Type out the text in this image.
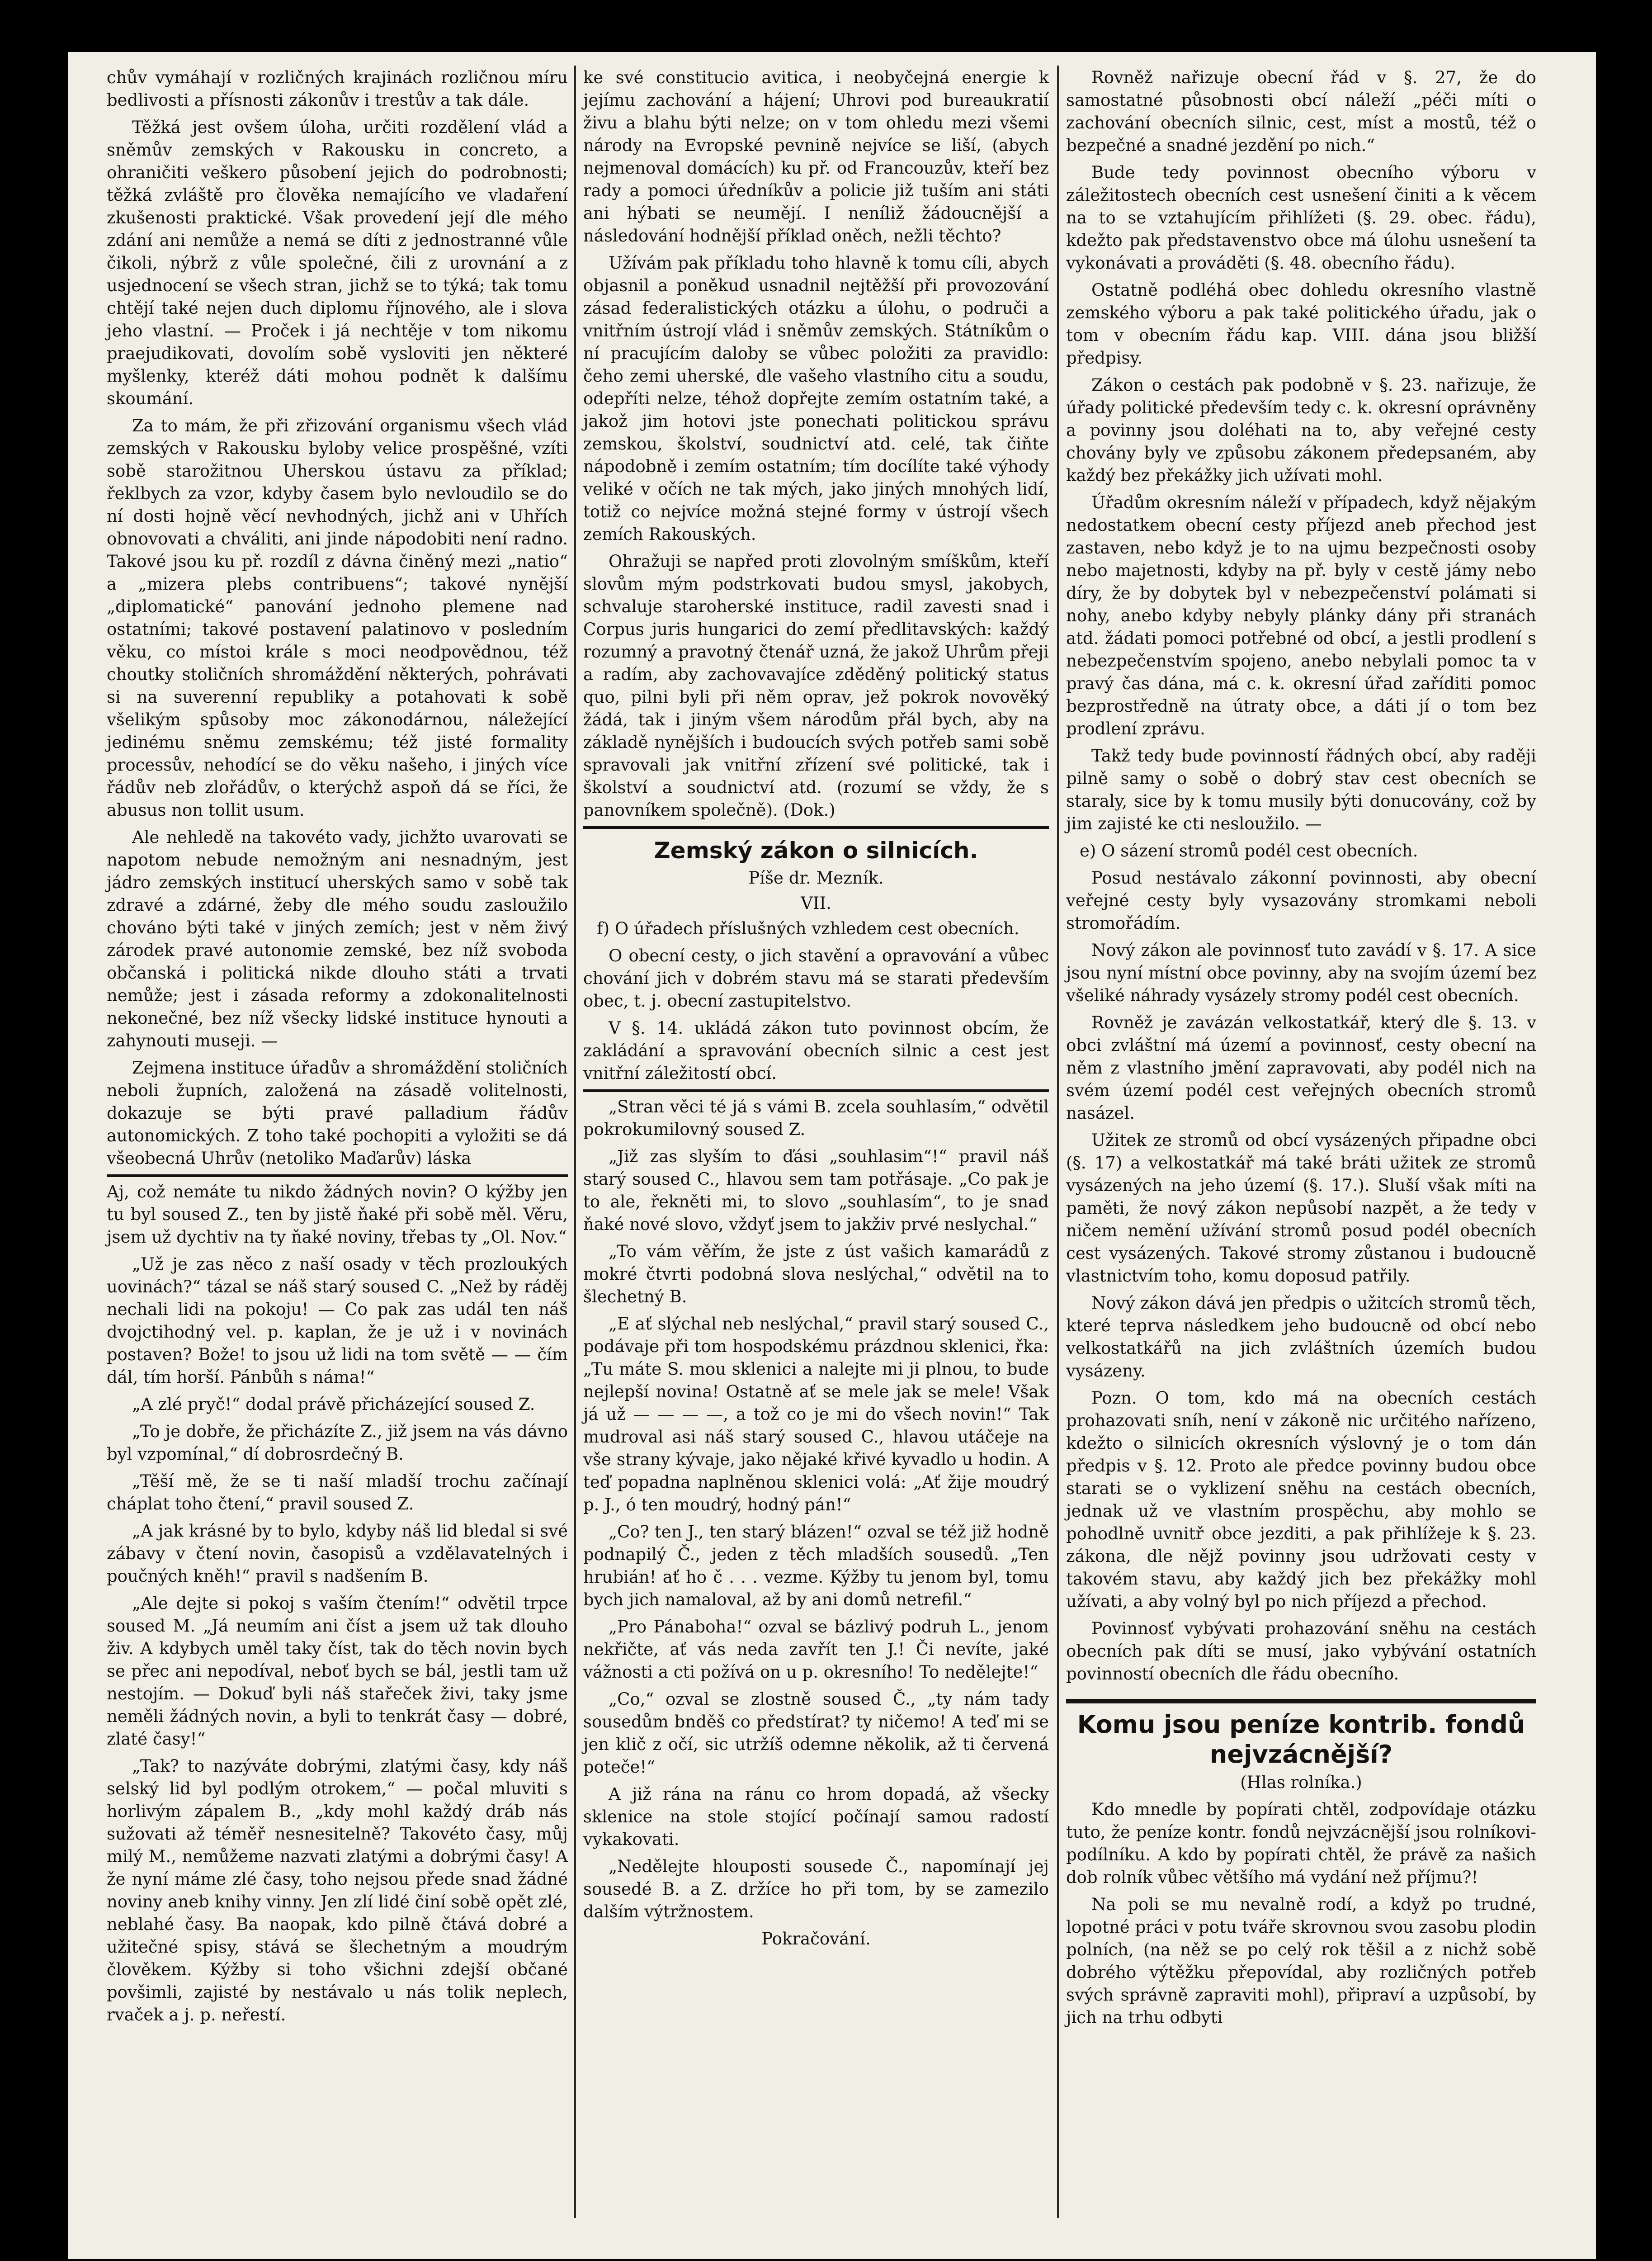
chův vymáhají v rozličných krajinách rozličnou míru bedlivosti a přísnosti zákonův i trestův a tak dále.

Těžká jest ovšem úloha, určiti rozdělení vlád a sněmův zemských v Rakousku in concreto, a ohraničiti veškero působení jejich do podrobnosti; těžká zvláště pro člověka nemajícího ve vladaření zkušenosti praktické. Však provedení její dle mého zdání ani nemůže a nemá se díti z jednostranné vůle čikoli, nýbrž z vůle společné, čili z urovnání a z usjednocení se všech stran, jichž se to týká; tak tomu chtějí také nejen duch diplomu říjnového, ale i slova jeho vlastní. — Proček i já nechtěje v tom nikomu praejudikovati, dovolím sobě vysloviti jen některé myšlenky, kteréž dáti mohou podnět k dalšímu skoumání.

Za to mám, že při zřizování organismu všech vlád zemských v Rakousku byloby velice prospěšné, vzíti sobě starožitnou Uherskou ústavu za příklad; řeklbych za vzor, kdyby časem bylo nevloudilo se do ní dosti hojně věcí nevhodných, jichž ani v Uhřích obnovovati a chváliti, ani jinde nápodobiti není radno. Takové jsou ku př. rozdíl z dávna činěný mezi „natio“ a „mizera plebs contribuens“; takové nynější „diplomatické“ panování jednoho plemene nad ostatními; takové postavení palatinovo v posledním věku, co místoi krále s moci neodpovědnou, též choutky stoličních shromáždění některých, pohrávati si na suverenní republiky a potahovati k sobě všelikým spůsoby moc zákonodárnou, náležející jedinému sněmu zemskému; též jisté formality processův, nehodící se do věku našeho, i jiných více řádův neb zlořádův, o kterýchž aspoň dá se říci, že abusus non tollit usum.

Ale nehledě na takovéto vady, jichžto uvarovati se napotom nebude nemožným ani nesnadným, jest jádro zemských institucí uherských samo v sobě tak zdravé a zdárné, žeby dle mého soudu zasloužilo chováno býti také v jiných zemích; jest v něm živý zárodek pravé autonomie zemské, bez níž svoboda občanská i politická nikde dlouho státi a trvati nemůže; jest i zásada reformy a zdokonalitelnosti nekonečné, bez níž všecky lidské instituce hynouti a zahynouti museji. —

Zejmena instituce úřadův a shromáždění stoličních neboli župních, založená na zásadě volitelnosti, dokazuje se býti pravé palladium řádův autonomických. Z toho také pochopiti a vyložiti se dá všeobecná Uhrův (netoliko Maďarův) láska

Aj, což nemáte tu nikdo žádných novin? O kýžby jen tu byl soused Z., ten by jistě ňaké při sobě měl. Věru, jsem už dychtiv na ty ňaké noviny, třebas ty „Ol. Nov.“

„Už je zas něco z naší osady v těch prozloukých uovinách?“ tázal se náš starý soused C. „Než by ráděj nechali lidi na pokoju! — Co pak zas udál ten náš dvojctihodný vel. p. kaplan, že je už i v novinách postaven? Bože! to jsou už lidi na tom světě — — čím dál, tím horší. Pánbůh s náma!“

„A zlé pryč!“ dodal právě přicházející soused Z.

„To je dobře, že přicházíte Z., již jsem na vás dávno byl vzpomínal,“ dí dobrosrdečný B.

„Těší mě, že se ti naší mladší trochu začínají cháplat toho čtení,“ pravil soused Z.

„A jak krásné by to bylo, kdyby náš lid bledal si své zábavy v čtení novin, časopisů a vzdělavatelných i poučných kněh!“ pravil s nadšením B.

„Ale dejte si pokoj s vaším čtením!“ odvětil trpce soused M. „Já neumím ani číst a jsem už tak dlouho živ. A kdybych uměl taky číst, tak do těch novin bych se přec ani nepodíval, neboť bych se bál, jestli tam už nestojím. — Dokuď byli náš stařeček živi, taky jsme neměli žádných novin, a byli to tenkrát časy — dobré, zlaté časy!“

„Tak? to nazýváte dobrými, zlatými časy, kdy náš selský lid byl podlým otrokem,“ — počal mluviti s horlivým zápalem B., „kdy mohl každý dráb nás sužovati až téměř nesnesitelně? Takovéto časy, můj milý M., nemůžeme nazvati zlatými a dobrými časy! A že nyní máme zlé časy, toho nejsou přede snad žádné noviny aneb knihy vinny. Jen zlí lidé činí sobě opět zlé, neblahé časy. Ba naopak, kdo pilně čtává dobré a užitečné spisy, stává se šlechetným a moudrým člověkem. Kýžby si toho všichni zdejší občané povšimli, zajisté by nestávalo u nás tolik neplech, rvaček a j. p. neřestí.

ke své constitucio avitica, i neobyčejná energie k jejímu zachování a hájení; Uhrovi pod bureaukratií živu a blahu býti nelze; on v tom ohledu mezi všemi národy na Evropské pevnině nejvíce se liší, (abych nejmenoval domácích) ku př. od Francouzův, kteří bez rady a pomoci úředníkův a policie již tuším ani státi ani hýbati se neumějí. I neníliž žádoucnější a následování hodnější příklad oněch, nežli těchto?

Užívám pak příkladu toho hlavně k tomu cíli, abych objasnil a poněkud usnadnil nejtěžší při provozování zásad federalistických otázku a úlohu, o područi a vnitřním ústrojí vlád i sněmův zemských. Státníkům o ní pracujícím daloby se vůbec položiti za pravidlo: čeho zemi uherské, dle vašeho vlastního citu a soudu, odepříti nelze, téhož dopřejte zemím ostatním také, a jakož jim hotovi jste ponechati politickou správu zemskou, školství, soudnictví atd. celé, tak čiňte nápodobně i zemím ostatním; tím docílíte také výhody veliké v očích ne tak mých, jako jiných mnohých lidí, totiž co nejvíce možná stejné formy v ústrojí všech zemích Rakouských.

Ohražuji se napřed proti zlovolným smíškům, kteří slovům mým podstrkovati budou smysl, jakobych, schvaluje staroherské instituce, radil zavesti snad i Corpus juris hungarici do zemí předlitavských: každý rozumný a pravotný čtenář uzná, že jakož Uhrům přeji a radím, aby zachovavajíce zděděný politický status quo, pilni byli při něm oprav, jež pokrok novověký žádá, tak i jiným všem národům přál bych, aby na základě nynějších i budoucích svých potřeb sami sobě spravovali jak vnitřní zřízení své politické, tak i školství a soudnictví atd. (rozumí se vždy, že s panovníkem společně). (Dok.)

Zemský zákon o silnicích.

Píše dr. Mezník.

VII.

f) O úřadech příslušných vzhledem cest obecních.

O obecní cesty, o jich stavění a opravování a vůbec chování jich v dobrém stavu má se starati především obec, t. j. obecní zastupitelstvo.

V §. 14. ukládá zákon tuto povinnost obcím, že zakládání a spravování obecních silnic a cest jest vnitřní záležitostí obcí.

„Stran věci té já s vámi B. zcela souhlasím,“ odvětil pokrokumilovný soused Z.

„Již zas slyším to ďási „souhlasim“!“ pravil náš starý soused C., hlavou sem tam potřásaje. „Co pak je to ale, řekněti mi, to slovo „souhlasím“, to je snad ňaké nové slovo, vždyť jsem to jakživ prvé neslychal.“

„To vám věřím, že jste z úst vašich kamarádů z mokré čtvrti podobná slova neslýchal,“ odvětil na to šlechetný B.

„E ať slýchal neb neslýchal,“ pravil starý soused C., podávaje při tom hospodskému prázdnou sklenici, řka: „Tu máte S. mou sklenici a nalejte mi ji plnou, to bude nejlepší novina! Ostatně ať se mele jak se mele! Však já už — — — —, a tož co je mi do všech novin!“ Tak mudroval asi náš starý soused C., hlavou utáčeje na vše strany kývaje, jako nějaké křivé kyvadlo u hodin. A teď popadna naplněnou sklenici volá: „Ať žije moudrý p. J., ó ten moudrý, hodný pán!“

„Co? ten J., ten starý blázen!“ ozval se též již hodně podnapilý Č., jeden z těch mladších sousedů. „Ten hrubián! ať ho č . . . vezme. Kýžby tu jenom byl, tomu bych jich namaloval, až by ani domů netrefil.“

„Pro Pánaboha!“ ozval se bázlivý podruh L., jenom nekřičte, ať vás neda zavřít ten J.! Či nevíte, jaké vážnosti a cti požívá on u p. okresního! To nedělejte!“

„Co,“ ozval se zlostně soused Č., „ty nám tady sousedům bnděš co předstírat? ty ničemo! A teď mi se jen klič z očí, sic utržíš odemne několik, až ti červená poteče!“

A již rána na ránu co hrom dopadá, až všecky sklenice na stole stojící počínají samou radostí vykakovati.

„Nedělejte hlouposti sousede Č., napomínají jej sousedé B. a Z. držíce ho při tom, by se zamezilo dalším výtržnostem.

Pokračování.

Rovněž nařizuje obecní řád v §. 27, že do samostatné působnosti obcí náleží „péči míti o zachování obecních silnic, cest, míst a mostů, též o bezpečné a snadné jezdění po nich.“

Bude tedy povinnost obecního výboru v záležitostech obecních cest usnešení činiti a k věcem na to se vztahujícím přihlížeti (§. 29. obec. řádu), kdežto pak představenstvo obce má úlohu usnešení ta vykonávati a prováděti (§. 48. obecního řádu).

Ostatně podléhá obec dohledu okresního vlastně zemského výboru a pak také politického úřadu, jak o tom v obecním řádu kap. VIII. dána jsou bližší předpisy.

Zákon o cestách pak podobně v §. 23. nařizuje, že úřady politické především tedy c. k. okresní oprávněny a povinny jsou doléhati na to, aby veřejné cesty chovány byly ve způsobu zákonem předepsaném, aby každý bez překážky jich užívati mohl.

Úřadům okresním náleží v případech, když nějakým nedostatkem obecní cesty příjezd aneb přechod jest zastaven, nebo když je to na ujmu bezpečnosti osoby nebo majetnosti, kdyby na př. byly v cestě jámy nebo díry, že by dobytek byl v nebezpečenství polámati si nohy, anebo kdyby nebyly plánky dány při stranách atd. žádati pomoci potřebné od obcí, a jestli prodlení s nebezpečenstvím spojeno, anebo nebylali pomoc ta v pravý čas dána, má c. k. okresní úřad zaříditi pomoc bezprostředně na útraty obce, a dáti jí o tom bez prodlení zprávu.

Takž tedy bude povinností řádných obcí, aby raději pilně samy o sobě o dobrý stav cest obecních se staraly, sice by k tomu musily býti donucovány, což by jim zajisté ke cti nesloužilo. —

e) O sázení stromů podél cest obecních.

Posud nestávalo zákonní povinnosti, aby obecní veřejné cesty byly vysazovány stromkami neboli stromořádím.

Nový zákon ale povinnosť tuto zavádí v §. 17. A sice jsou nyní místní obce povinny, aby na svojím území bez všeliké náhrady vysázely stromy podél cest obecních.

Rovněž je zavázán velkostatkář, který dle §. 13. v obci zvláštní má území a povinnosť, cesty obecní na něm z vlastního jmění zapravovati, aby podél nich na svém území podél cest veřejných obecních stromů nasázel.

Užitek ze stromů od obcí vysázených připadne obci (§. 17) a velkostatkář má také bráti užitek ze stromů vysázených na jeho území (§. 17.). Sluší však míti na paměti, že nový zákon nepůsobí nazpět, a že tedy v ničem nemění užívání stromů posud podél obecních cest vysázených. Takové stromy zůstanou i budoucně vlastnictvím toho, komu doposud patřily.

Nový zákon dává jen předpis o užitcích stromů těch, které teprva následkem jeho budoucně od obcí nebo velkostatkářů na jich zvláštních územích budou vysázeny.

Pozn. O tom, kdo má na obecních cestách prohazovati sníh, není v zákoně nic určitého nařízeno, kdežto o silnicích okresních výslovný je o tom dán předpis v §. 12. Proto ale předce povinny budou obce starati se o vyklizení sněhu na cestách obecních, jednak už ve vlastním prospěchu, aby mohlo se pohodlně uvnitř obce jezditi, a pak přihlížeje k §. 23. zákona, dle nějž povinny jsou udržovati cesty v takovém stavu, aby každý jich bez překážky mohl užívati, a aby volný byl po nich příjezd a přechod.

Povinnosť vybývati prohazování sněhu na cestách obecních pak díti se musí, jako vybývání ostatních povinností obecních dle řádu obecního.

Komu jsou peníze kontrib. fondů nejvzácnější?

(Hlas rolníka.)

Kdo mnedle by popírati chtěl, zodpovídaje otázku tuto, že peníze kontr. fondů nejvzácnější jsou rolníkovi-podílníku. A kdo by popírati chtěl, že právě za našich dob rolník vůbec většího má vydání než příjmu?!

Na poli se mu nevalně rodí, a když po trudné, lopotné práci v potu tváře skrovnou svou zasobu plodin polních, (na něž se po celý rok těšil a z nichž sobě dobrého výtěžku přepovídal, aby rozličných potřeb svých správně zapraviti mohl), připraví a uzpůsobí, by jich na trhu odbyti
